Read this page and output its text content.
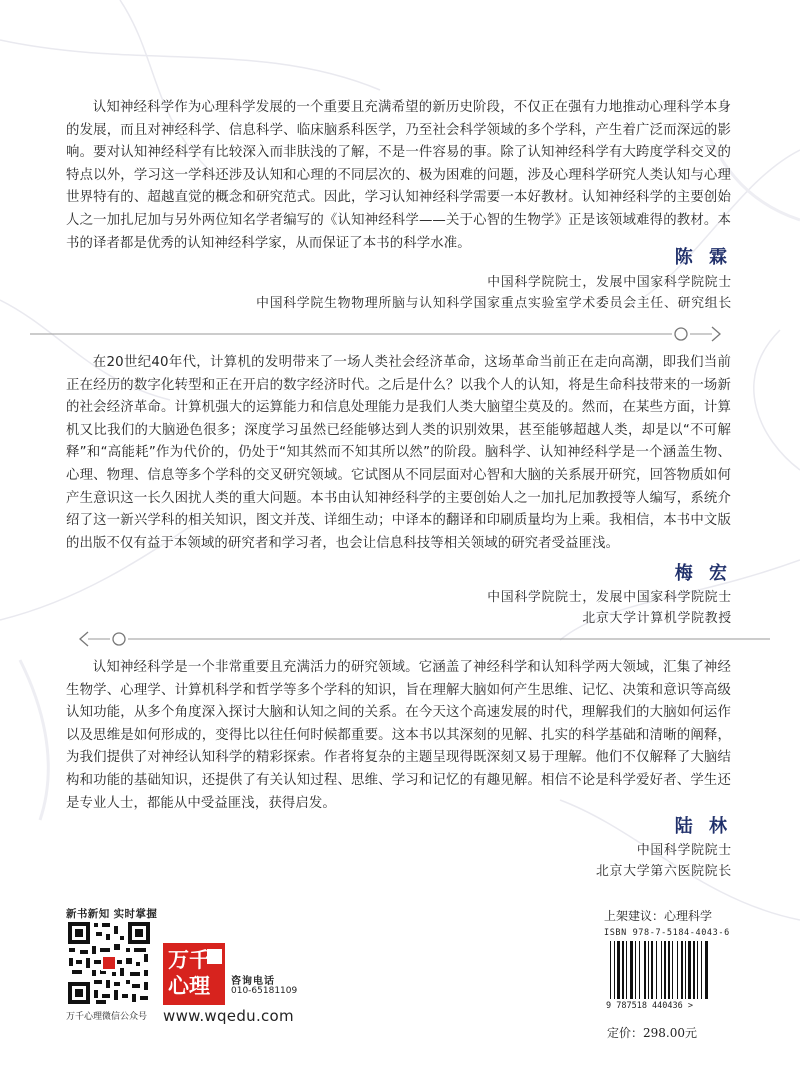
认知神经科学作为心理科学发展的一个重要且充满希望的新历史阶段，不仅正在强有力地推动心理科学本身的发展，而且对神经科学、信息科学、临床脑系科医学，乃至社会科学领域的多个学科，产生着广泛而深远的影响。要对认知神经科学有比较深入而非肤浅的了解，不是一件容易的事。除了认知神经科学有大跨度学科交叉的特点以外，学习这一学科还涉及认知和心理的不同层次的、极为困难的问题，涉及心理科学研究人类认知与心理世界特有的、超越直觉的概念和研究范式。因此，学习认知神经科学需要一本好教材。认知神经科学的主要创始人之一加扎尼加与另外两位知名学者编写的《认知神经科学——关于心智的生物学》正是该领域难得的教材。本书的译者都是优秀的认知神经科学家，从而保证了本书的科学水准。

陈 霖
中国科学院院士，发展中国家科学院院士
中国科学院生物物理所脑与认知科学国家重点实验室学术委员会主任、研究组长

在20世纪40年代，计算机的发明带来了一场人类社会经济革命，这场革命当前正在走向高潮，即我们当前正在经历的数字化转型和正在开启的数字经济时代。之后是什么？以我个人的认知，将是生命科技带来的一场新的社会经济革命。计算机强大的运算能力和信息处理能力是我们人类大脑望尘莫及的。然而，在某些方面，计算机又比我们的大脑逊色很多；深度学习虽然已经能够达到人类的识别效果，甚至能够超越人类，却是以“不可解释”和“高能耗”作为代价的，仍处于“知其然而不知其所以然”的阶段。脑科学、认知神经科学是一个涵盖生物、心理、物理、信息等多个学科的交叉研究领域。它试图从不同层面对心智和大脑的关系展开研究，回答物质如何产生意识这一长久困扰人类的重大问题。本书由认知神经科学的主要创始人之一加扎尼加教授等人编写，系统介绍了这一新兴学科的相关知识，图文并茂、详细生动；中译本的翻译和印刷质量均为上乘。我相信，本书中文版的出版不仅有益于本领域的研究者和学习者，也会让信息科技等相关领域的研究者受益匪浅。

梅 宏
中国科学院院士，发展中国家科学院院士
北京大学计算机学院教授

认知神经科学是一个非常重要且充满活力的研究领域。它涵盖了神经科学和认知科学两大领域，汇集了神经生物学、心理学、计算机科学和哲学等多个学科的知识，旨在理解大脑如何产生思维、记忆、决策和意识等高级认知功能，从多个角度深入探讨大脑和认知之间的关系。在今天这个高速发展的时代，理解我们的大脑如何运作以及思维是如何形成的，变得比以往任何时候都重要。这本书以其深刻的见解、扎实的科学基础和清晰的阐释，为我们提供了对神经认知科学的精彩探索。作者将复杂的主题呈现得既深刻又易于理解。他们不仅解释了大脑结构和功能的基础知识，还提供了有关认知过程、思维、学习和记忆的有趣见解。相信不论是科学爱好者、学生还是专业人士，都能从中受益匪浅，获得启发。

陆 林
中国科学院院士
北京大学第六医院院长
新书新知 实时掌握
万千心理微信公众号
万千
心理	咨询电话
010-65181109
www.wqedu.com
上架建议：心理科学
ISBN 978-7-5184-4043-6
9 787518 440436 >
定价：298.00元
